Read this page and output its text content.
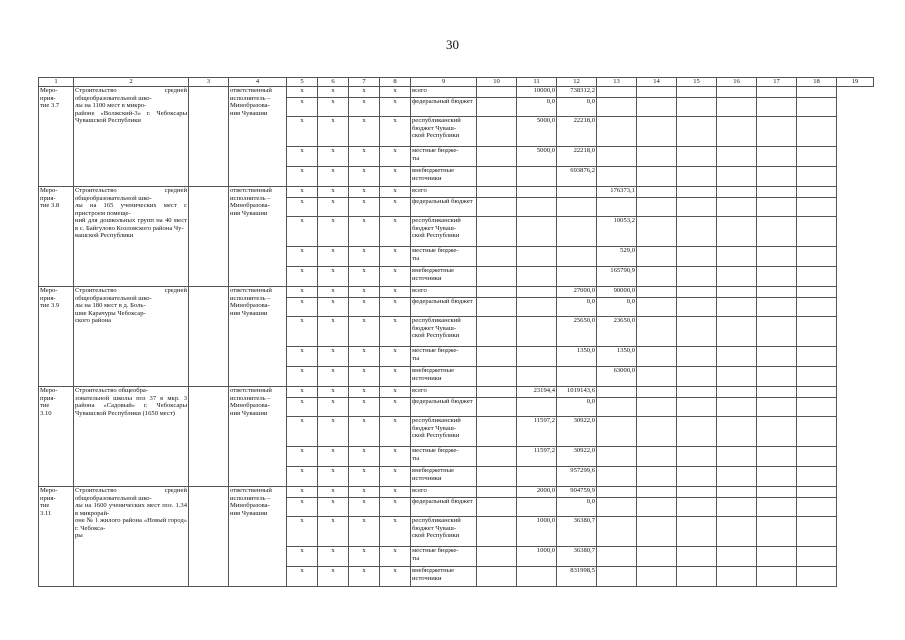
30
1	2	3	4	5	6	7	8	9	10	11	12	13	14	15	16	17	18	19
Меро-
прия-
тие 3.7	Строительство средней общеобразовательной шко-
лы на 1100 мест в микро-
районе «Волжский-3» г. Чебоксары Чувашской Республики		ответственный исполнитель – Минобразова-
ния Чувашии	x	x	x	x	всего		10000,0	738312,2							
				x	x	x	x	федеральный бюджет		0,0	0,0							
				x	x	x	x	республиканский бюджет Чуваш-
ской Республики		5000,0	22218,0							
				x	x	x	x	местные бюдже-
ты		5000,0	22218,0							
				x	x	x	x	внебюджетные источники			693876,2							
Меро-
прия-
тие 3.8	Строительство средней общеобразовательной шко-
лы на 165 ученических мест с пристроем помеще-
ний для дошкольных групп на 40 мест в с. Байгулово Козловского района Чу-
вашской Республики		ответственный исполнитель – Минобразова-
ния Чувашии	x	x	x	x	всего				176373,1						
				x	x	x	x	федеральный бюджет										
				x	x	x	x	республиканский бюджет Чуваш-
ской Республики				10053,2						
				x	x	x	x	местные бюдже-
ты				529,0						
				x	x	x	x	внебюджетные источники				165790,9						
Меро-
прия-
тие 3.9	Строительство средней общеобразовательной шко-
лы на 180 мест в д. Боль-
шие Карачуры Чебоксар-
ского района		ответственный исполнитель – Минобразова-
ния Чувашии	x	x	x	x	всего			27000,0	90000,0						
				x	x	x	x	федеральный бюджет			0,0	0,0						
				x	x	x	x	республиканский бюджет Чуваш-
ской Республики			25650,0	23650,0						
				x	x	x	x	местные бюдже-
ты			1350,0	1350,0						
				x	x	x	x	внебюджетные источники				63000,0						
Меро-
прия-
тие
3.10	Строительство общеобра-
зовательной школы поз 37 в мкр. 3 района «Садовый» г. Чебоксары Чувашской Республики (1650 мест)		ответственный исполнитель – Минобразова-
ния Чувашии	x	x	x	x	всего		23194,4	1019143,6							
				x	x	x	x	федеральный бюджет			0,0							
				x	x	x	x	республиканский бюджет Чуваш-
ской Республики		11597,2	30922,0							
				x	x	x	x	местные бюдже-
ты		11597,2	30922,0							
				x	x	x	x	внебюджетные источники			957299,6							
Меро-
прия-
тие
3.11	Строительство средней общеобразовательной шко-
лы на 1600 ученических мест поз. 1.34 в микрорай-
оне № 1 жилого района «Новый город» г. Чебокса-
ры		ответственный исполнитель – Минобразова-
ния Чувашии	x	x	x	x	всего		2000,0	904759,9							
				x	x	x	x	федеральный бюджет			0,0							
				x	x	x	x	республиканский бюджет Чуваш-
ской Республики		1000,0	36380,7							
				x	x	x	x	местные бюдже-
ты		1000,0	36380,7							
				x	x	x	x	внебюджетные источники			831998,5							
